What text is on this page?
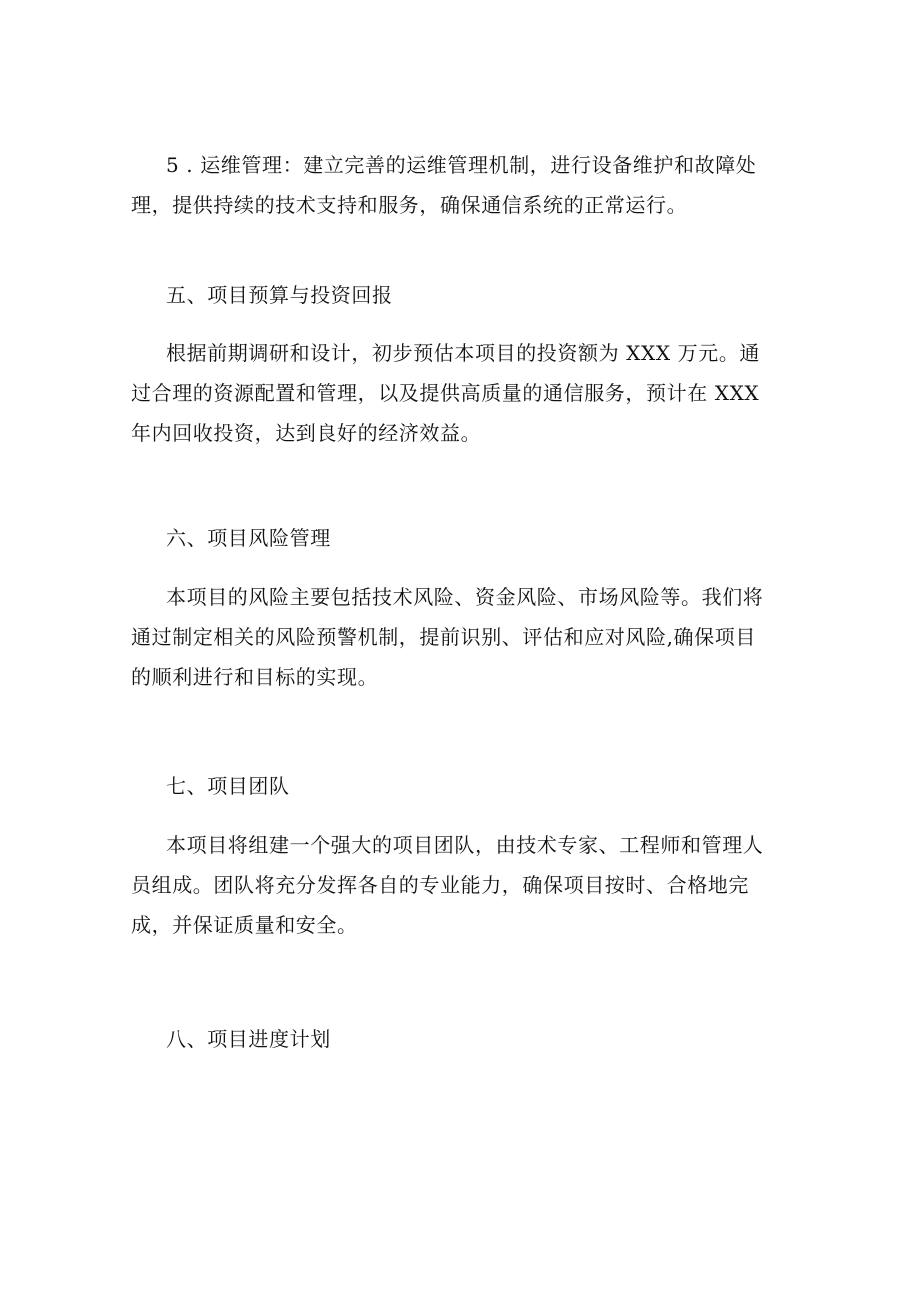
5 . 运维管理：建立完善的运维管理机制，进行设备维护和故障处
理，提供持续的技术支持和服务，确保通信系统的正常运行。

五、项目预算与投资回报

根据前期调研和设计，初步预估本项目的投资额为 XXX 万元。通
过合理的资源配置和管理，以及提供高质量的通信服务，预计在 XXX
年内回收投资，达到良好的经济效益。

六、项目风险管理

本项目的风险主要包括技术风险、资金风险、市场风险等。我们将
通过制定相关的风险预警机制，提前识别、评估和应对风险,确保项目
的顺利进行和目标的实现。

七、项目团队

本项目将组建一个强大的项目团队，由技术专家、工程师和管理人
员组成。团队将充分发挥各自的专业能力，确保项目按时、合格地完
成，并保证质量和安全。

八、项目进度计划
